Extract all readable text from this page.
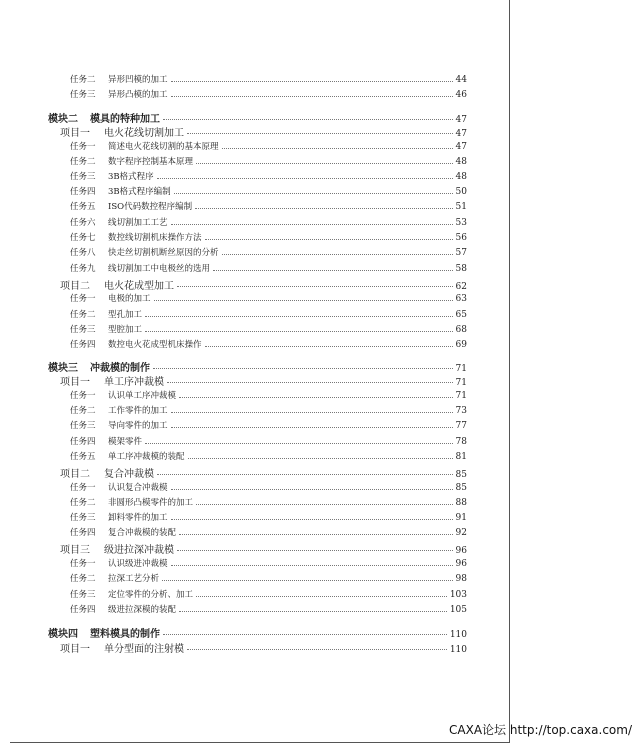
任务二	异形凹模的加工	44
任务三	异形凸模的加工	46
模块二	模具的特种加工	47
项目一	电火花线切割加工	47
任务一	简述电火花线切割的基本原理	47
任务二	数字程序控制基本原理	48
任务三	3B格式程序	48
任务四	3B格式程序编制	50
任务五	ISO代码数控程序编制	51
任务六	线切割加工工艺	53
任务七	数控线切割机床操作方法	56
任务八	快走丝切割机断丝原因的分析	57
任务九	线切割加工中电极丝的选用	58
项目二	电火花成型加工	62
任务一	电极的加工	63
任务二	型孔加工	65
任务三	型腔加工	68
任务四	数控电火花成型机床操作	69
模块三	冲裁模的制作	71
项目一	单工序冲裁模	71
任务一	认识单工序冲裁模	71
任务二	工作零件的加工	73
任务三	导向零件的加工	77
任务四	模架零件	78
任务五	单工序冲裁模的装配	81
项目二	复合冲裁模	85
任务一	认识复合冲裁模	85
任务二	非圆形凸模零件的加工	88
任务三	卸料零件的加工	91
任务四	复合冲裁模的装配	92
项目三	级进拉深冲裁模	96
任务一	认识级进冲裁模	96
任务二	拉深工艺分析	98
任务三	定位零件的分析、加工	103
任务四	级进拉深模的装配	105
模块四	塑料模具的制作	110
项目一	单分型面的注射模	110
CAXA论坛 http://top.caxa.com/
